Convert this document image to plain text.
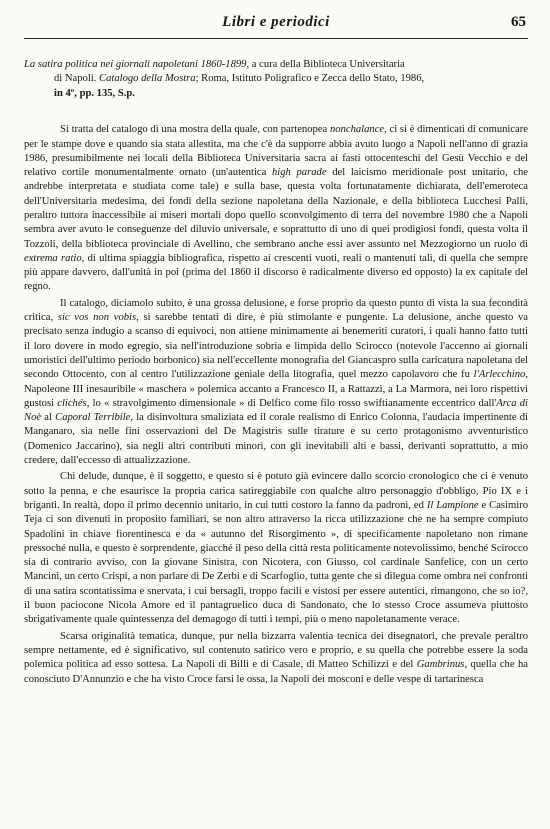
Libri e periodici	65
La satira politica nei giornali napoletani 1860-1899, a cura della Biblioteca Universitaria
di Napoli. Catalogo della Mostra; Roma, Istituto Poligrafico e Zecca dello Stato, 1986,
in 4º, pp. 135, S.p.

Si tratta del catalogo di una mostra della quale, con partenopea nonchalance, ci si è dimenticati di comunicare per le stampe dove e quando sia stata allestita, ma che c'è da supporre abbia avuto luogo a Napoli nell'anno di grazia 1986, presumibilmente nei locali della Biblioteca Universitaria sacra ai fasti ottocenteschi del Gesù Vecchio e del relativo cortile monumentalmente ornato (un'autentica high parade del laicismo meridionale post unitario, che andrebbe interpretata e studiata come tale) e sulla base, questa volta fortunatamente dichiarata, dell'emeroteca dell'Universitaria medesima, dei fondi della sezione napoletana della Nazionale, e della biblioteca Lucchesi Palli, peraltro tuttora inaccessibile ai miseri mortali dopo quello sconvolgimento di terra del novembre 1980 che a Napoli sembra aver avuto le conseguenze del diluvio universale, e soprattutto di uno di quei prodigiosi fondi, questa volta il Tozzoli, della biblioteca provinciale di Avellino, che sembrano anche essi aver assunto nel Mezzogiorno un ruolo di extrema ratio, di ultima spiaggia bibliografica, rispetto ai crescenti vuoti, reali o mantenuti tali, di quella che sempre più appare davvero, dall'unità in poi (prima del 1860 il discorso è radicalmente diverso ed opposto) la ex capitale del regno.

Il catalogo, diciamolo subito, è una grossa delusione, e forse proprio da questo punto di vista la sua fecondità critica, sic vos non vobis, si sarebbe tentati di dire, è più stimolante e pungente. La delusione, anche questo va precisato senza indugio a scanso di equivoci, non attiene minimamente ai benemeriti curatori, i quali hanno fatto tutti il loro dovere in modo egregio, sia nell'introduzione sobria e limpida dello Scirocco (notevole l'accenno ai giornali umoristici dell'ultimo periodo borbonico) sia nell'eccellente monografia del Giancaspro sulla caricatura napoletana del secondo Ottocento, con al centro l'utilizzazione geniale della litografia, quel mezzo capolavoro che fu l'Arlecchino, Napoleone III inesauribile « maschera » polemica accanto a Francesco II, a Rattazzi, a La Marmora, nei loro rispettivi gustosi clichés, lo « stravolgimento dimensionale » di Delfico come filo rosso swiftianamente eccentrico dall'Arca di Noè al Caporal Terribile, la disinvoltura smaliziata ed il corale realismo di Enrico Colonna, l'audacia impertinente di Manganaro, sia nelle fini osservazioni del De Magistris sulle tirature e su certo protagonismo avventuristico (Domenico Jaccarino), sia negli altri contributi minori, con gli inevitabili alti e bassi, derivanti soprattutto, a mio credere, dall'eccesso di attualizzazione.

Chi delude, dunque, è il soggetto, e questo si è potuto già evincere dallo scorcio cronologico che ci è venuto sotto la penna, e che esaurisce la propria carica satireggiabile con qualche altro personaggio d'obbligo, Pio IX e i briganti. In realtà, dopo il primo decennio unitario, in cui tutti costoro la fanno da padroni, ed Il Lampione e Casimiro Teja ci son divenuti in proposito familiari, se non altro attraverso la ricca utilizzazione che ne ha sempre compiuto Spadolini in chiave fiorentinesca e da « autunno del Risorgimento », di specificamente napoletano non rimane pressoché nulla, e questo è sorprendente, giacché il peso della città resta politicamente notevolissimo, benché Scirocco sia di contrario avviso, con la giovane Sinistra, con Nicotera, con Giusso, col cardinale Sanfelice, con un certo Mancini, un certo Crispi, a non parlare di De Zerbi e di Scarfoglio, tutta gente che si dilegua come ombra nei confronti di una satira scontatissima e snervata, i cui bersagli, troppo facili e vistosi per essere autentici, rimangono, che so io?, il buon paciocone Nicola Amore ed il pantagruelico duca di Sandonato, che lo stesso Croce assumeva piuttosto sbrigativamente quale quintessenza del demagogo di tutti i tempi, più o meno napoletanamente verace.

Scarsa originalità tematica, dunque, pur nella bizzarra valentia tecnica dei disegnatori, che prevale peraltro sempre nettamente, ed è significativo, sul contenuto satirico vero e proprio, e su quella che potrebbe essere la soda polemica politica ad esso sottesa. La Napoli di Billi e di Casale, di Matteo Schilizzi e del Gambrinus, quella che ha conosciuto D'Annunzio e che ha visto Croce farsi le ossa, la Napoli dei mosconi e delle vespe di tartarinesca
